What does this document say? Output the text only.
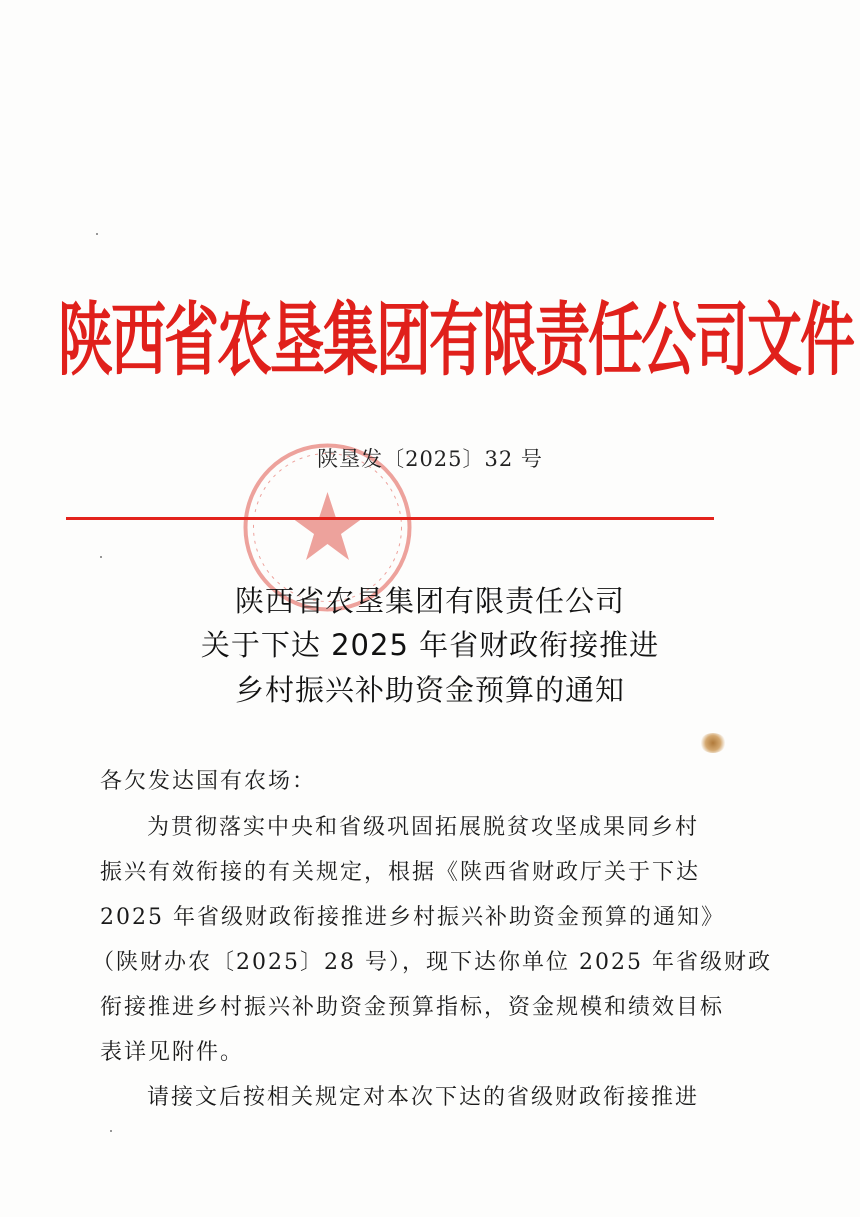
陕西省农垦集团有限责任公司文件
陕垦发〔2025〕32 号
陕西省农垦集团有限责任公司
关于下达 2025 年省财政衔接推进
乡村振兴补助资金预算的通知
各欠发达国有农场：
为贯彻落实中央和省级巩固拓展脱贫攻坚成果同乡村
振兴有效衔接的有关规定，根据《陕西省财政厅关于下达
2025 年省级财政衔接推进乡村振兴补助资金预算的通知》
（陕财办农〔2025〕28 号），现下达你单位 2025 年省级财政
衔接推进乡村振兴补助资金预算指标，资金规模和绩效目标
表详见附件。
请接文后按相关规定对本次下达的省级财政衔接推进
